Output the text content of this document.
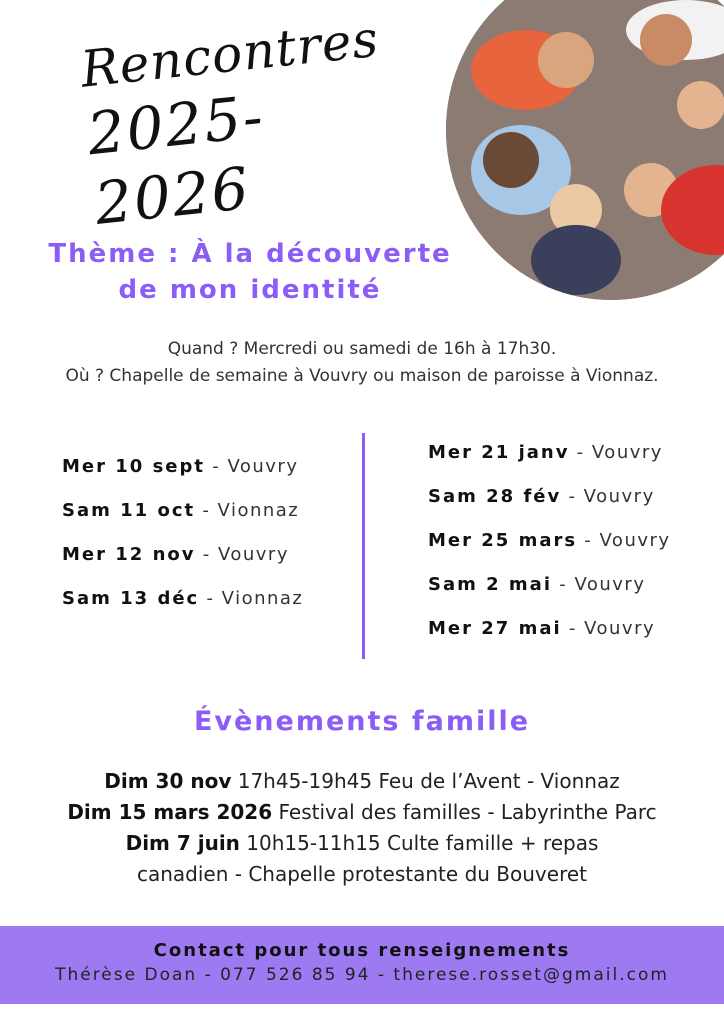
Rencontres
2025-2026
Thème : À la découverte
de mon identité
Quand ? Mercredi ou samedi de 16h à 17h30.
Où ? Chapelle de semaine à Vouvry ou maison de paroisse à Vionnaz.
Mer 10 sept - Vouvry
Sam 11 oct - Vionnaz
Mer 12 nov - Vouvry
Sam 13 déc - Vionnaz
Mer 21 janv - Vouvry
Sam 28 fév - Vouvry
Mer 25 mars - Vouvry
Sam 2 mai - Vouvry
Mer 27 mai - Vouvry
Évènements famille
Dim 30 nov 17h45-19h45 Feu de l’Avent - Vionnaz
Dim 15 mars 2026 Festival des familles - Labyrinthe Parc
Dim 7 juin 10h15-11h15 Culte famille + repas
canadien - Chapelle protestante du Bouveret
Contact pour tous renseignements
Thérèse Doan - 077 526 85 94 - therese.rosset@gmail.com
